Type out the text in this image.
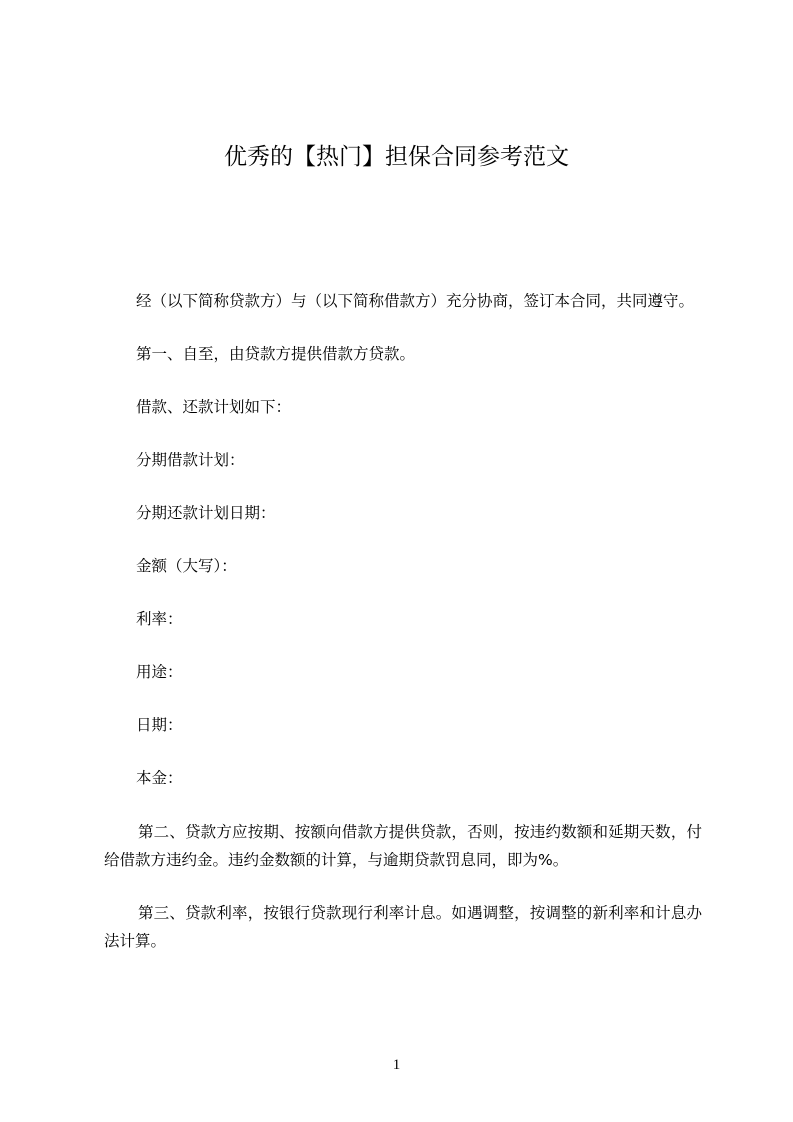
优秀的【热门】担保合同参考范文
经（以下简称贷款方）与（以下简称借款方）充分协商，签订本合同，共同遵守。
第一、自至，由贷款方提供借款方贷款。
借款、还款计划如下：
分期借款计划：
分期还款计划日期：
金额（大写）：
利率：
用途：
日期：
本金：
第二、贷款方应按期、按额向借款方提供贷款，否则，按违约数额和延期天数，付给借款方违约金。违约金数额的计算，与逾期贷款罚息同，即为%。
第三、贷款利率，按银行贷款现行利率计息。如遇调整，按调整的新利率和计息办法计算。
1
